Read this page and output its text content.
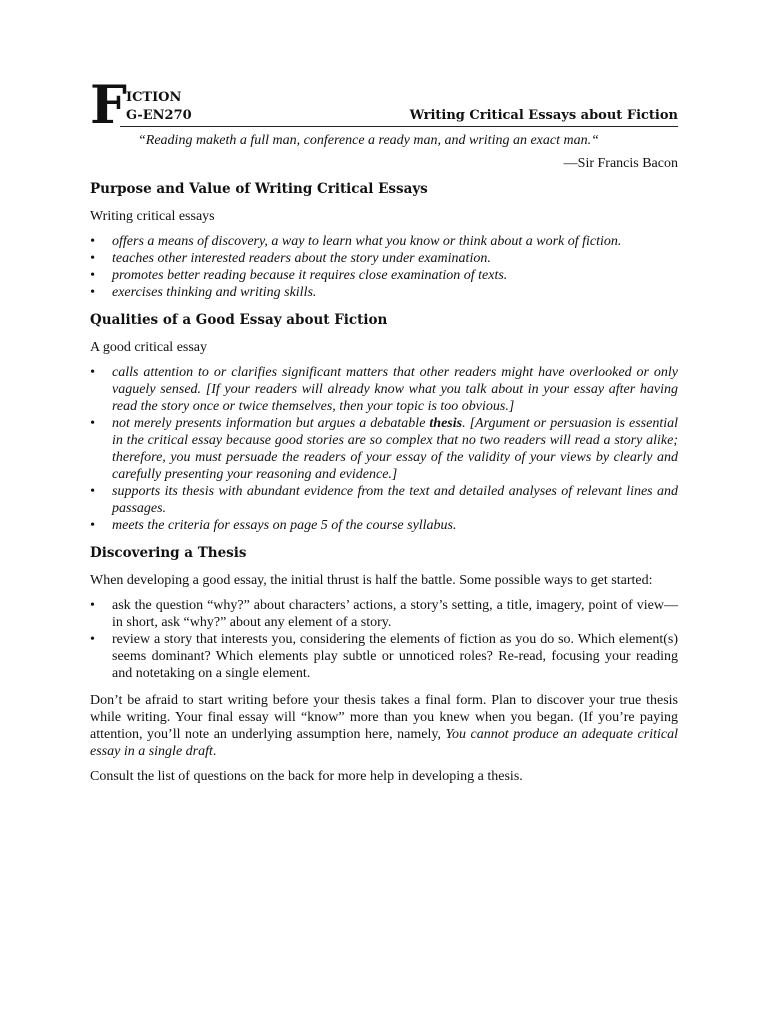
F ICTION
G-EN270	Writing Critical Essays about Fiction
“Reading maketh a full man, conference a ready man, and writing an exact man.“
—Sir Francis Bacon
Purpose and Value of Writing Critical Essays

Writing critical essays

• offers a means of discovery, a way to learn what you know or think about a work of fiction.
• teaches other interested readers about the story under examination.
• promotes better reading because it requires close examination of texts.
• exercises thinking and writing skills.
Qualities of a Good Essay about Fiction

A good critical essay

• calls attention to or clarifies significant matters that other readers might have overlooked or only vaguely sensed. [If your readers will already know what you talk about in your essay after having read the story once or twice themselves, then your topic is too obvious.]
• not merely presents information but argues a debatable thesis. [Argument or persuasion is essential in the critical essay because good stories are so complex that no two readers will read a story alike; therefore, you must persuade the readers of your essay of the validity of your views by clearly and carefully presenting your reasoning and evidence.]
• supports its thesis with abundant evidence from the text and detailed analyses of relevant lines and passages.
• meets the criteria for essays on page 5 of the course syllabus.
Discovering a Thesis

When developing a good essay, the initial thrust is half the battle. Some possible ways to get started:

• ask the question “why?” about characters’ actions, a story’s setting, a title, imagery, point of view—in short, ask “why?” about any element of a story.
• review a story that interests you, considering the elements of fiction as you do so. Which element(s) seems dominant? Which elements play subtle or unnoticed roles? Re-read, focusing your reading and notetaking on a single element.

Don’t be afraid to start writing before your thesis takes a final form. Plan to discover your true thesis while writing. Your final essay will “know” more than you knew when you began. (If you’re paying attention, you’ll note an underlying assumption here, namely, You cannot produce an adequate critical essay in a single draft.

Consult the list of questions on the back for more help in developing a thesis.
